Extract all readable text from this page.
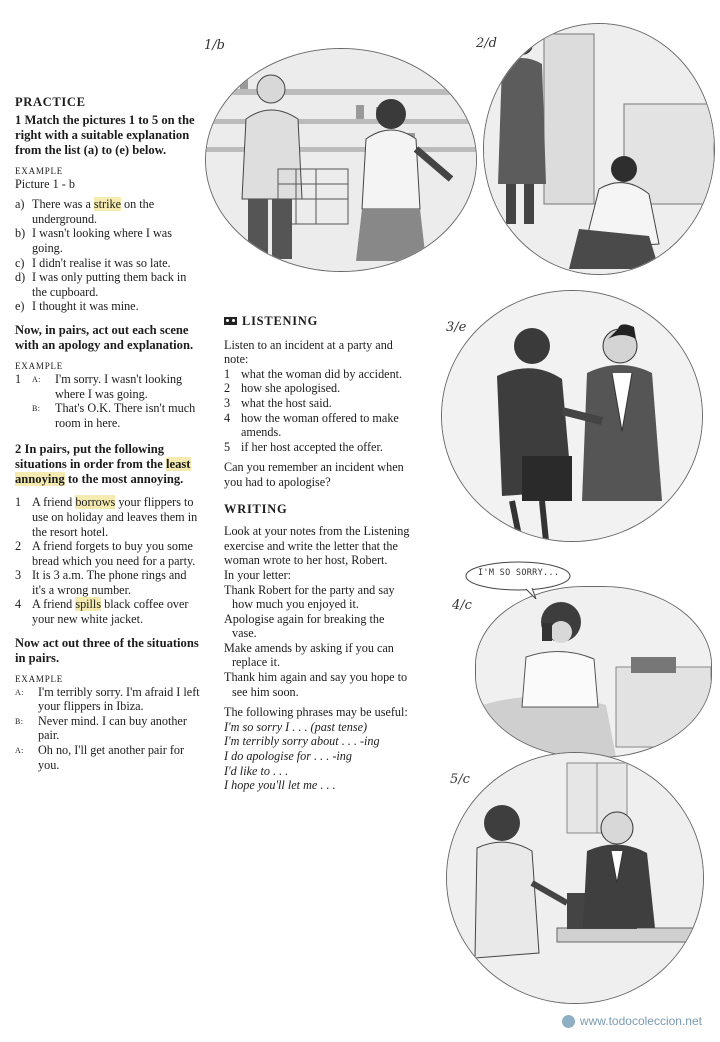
PRACTICE

1 Match the pictures 1 to 5 on the right with a suitable explanation from the list (a) to (e) below.

EXAMPLE

Picture 1 - b

a) There was a strike on the underground.
b) I wasn't looking where I was going.
c) I didn't realise it was so late.
d) I was only putting them back in the cupboard.
e) I thought it was mine.

Now, in pairs, act out each scene with an apology and explanation.

EXAMPLE
1 A: I'm sorry. I wasn't looking where I was going.
B: That's O.K. There isn't much room in here.

2 In pairs, put the following situations in order from the least annoying to the most annoying.

1 A friend borrows your flippers to use on holiday and leaves them in the resort hotel.
2 A friend forgets to buy you some bread which you need for a party.
3 It is 3 a.m. The phone rings and it's a wrong number.
4 A friend spills black coffee over your new white jacket.

Now act out three of the situations in pairs.

EXAMPLE
A: I'm terribly sorry. I'm afraid I left your flippers in Ibiza.
B: Never mind. I can buy another pair.
A: Oh no, I'll get another pair for you.

LISTENING

Listen to an incident at a party and note:

1 what the woman did by accident.
2 how she apologised.
3 what the host said.
4 how the woman offered to make amends.
5 if her host accepted the offer.

Can you remember an incident when you had to apologise?

WRITING

Look at your notes from the Listening exercise and write the letter that the woman wrote to her host, Robert.

In your letter:

Thank Robert for the party and say how much you enjoyed it.

Apologise again for breaking the vase.

Make amends by asking if you can replace it.

Thank him again and say you hope to see him soon.

The following phrases may be useful:

I'm so sorry I . . . (past tense)

I'm terribly sorry about . . . -ing

I do apologise for . . . -ing

I'd like to . . .

I hope you'll let me . . .

1/b	2/d
3/e
4/c
5/c
I'M SO SORRY...
www.todocoleccion.net
